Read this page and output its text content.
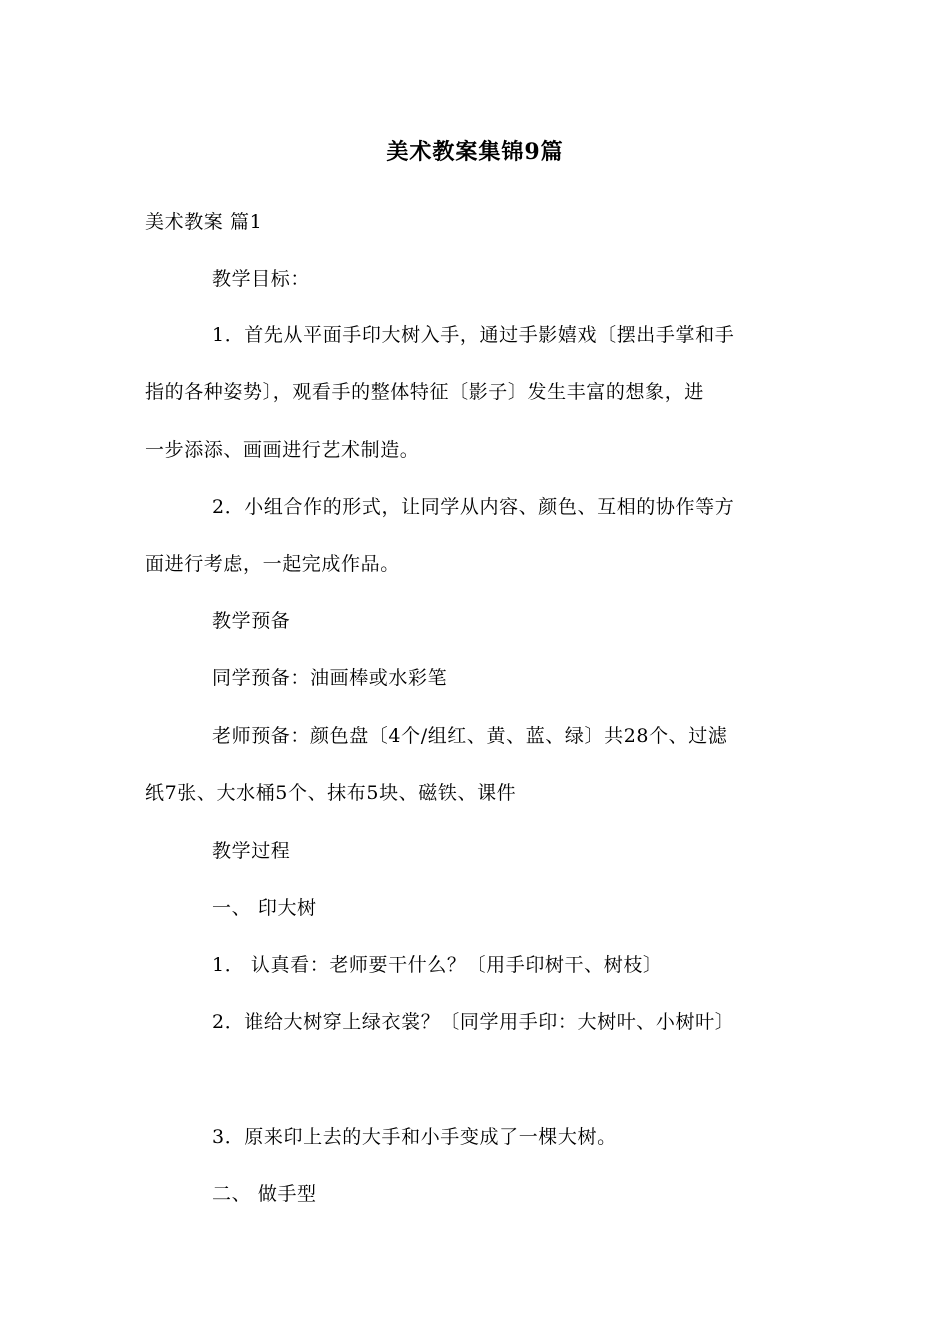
美术教案集锦9篇
美术教案 篇1
教学目标：
1．首先从平面手印大树入手，通过手影嬉戏〔摆出手掌和手
指的各种姿势〕，观看手的整体特征〔影子〕发生丰富的想象，进
一步添添、画画进行艺术制造。
2．小组合作的形式，让同学从内容、颜色、互相的协作等方
面进行考虑，一起完成作品。
教学预备
同学预备：油画棒或水彩笔
老师预备：颜色盘〔4个/组红、黄、蓝、绿〕共28个、过滤
纸7张、大水桶5个、抹布5块、磁铁、课件
教学过程
一、 印大树
1． 认真看：老师要干什么？〔用手印树干、树枝〕
2．谁给大树穿上绿衣裳？〔同学用手印：大树叶、小树叶〕
3．原来印上去的大手和小手变成了一棵大树。
二、 做手型
